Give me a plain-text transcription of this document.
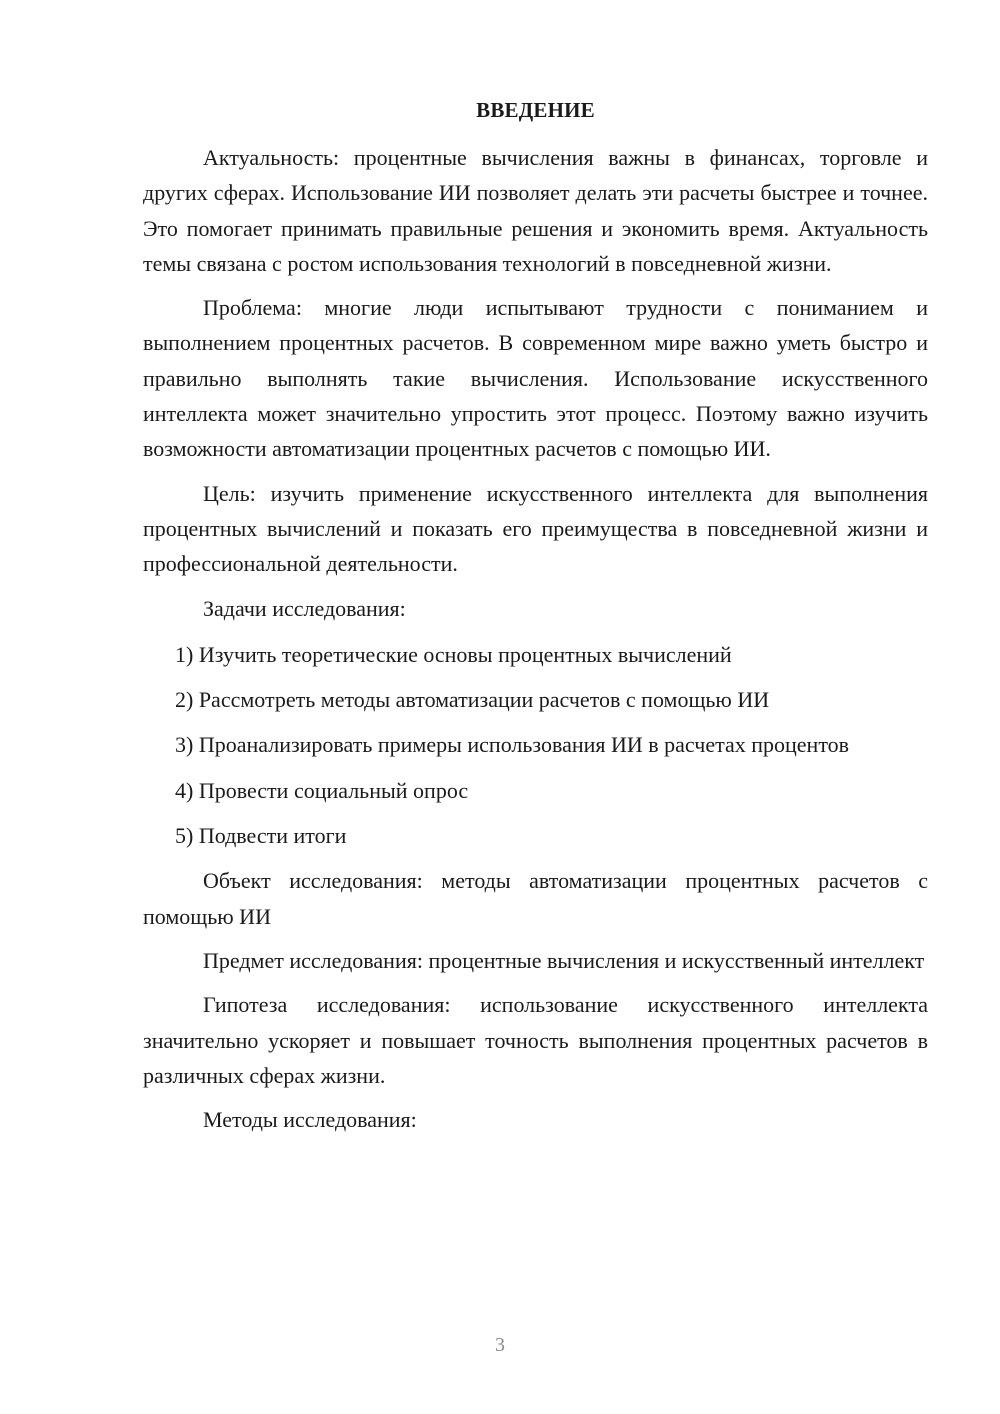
ВВЕДЕНИЕ

Актуальность: процентные вычисления важны в финансах, торговле и других сферах. Использование ИИ позволяет делать эти расчеты быстрее и точнее. Это помогает принимать правильные решения и экономить время. Актуальность темы связана с ростом использования технологий в повседневной жизни.

Проблема: многие люди испытывают трудности с пониманием и выполнением процентных расчетов. В современном мире важно уметь быстро и правильно выполнять такие вычисления. Использование искусственного интеллекта может значительно упростить этот процесс. Поэтому важно изучить возможности автоматизации процентных расчетов с помощью ИИ.

Цель: изучить применение искусственного интеллекта для выполнения процентных вычислений и показать его преимущества в повседневной жизни и профессиональной деятельности.

Задачи исследования:

1) Изучить теоретические основы процентных вычислений

2) Рассмотреть методы автоматизации расчетов с помощью ИИ

3) Проанализировать примеры использования ИИ в расчетах процентов

4) Провести социальный опрос

5) Подвести итоги

Объект исследования: методы автоматизации процентных расчетов с помощью ИИ

Предмет исследования: процентные вычисления и искусственный интеллект

Гипотеза исследования: использование искусственного интеллекта значительно ускоряет и повышает точность выполнения процентных расчетов в различных сферах жизни.

Методы исследования:

3
